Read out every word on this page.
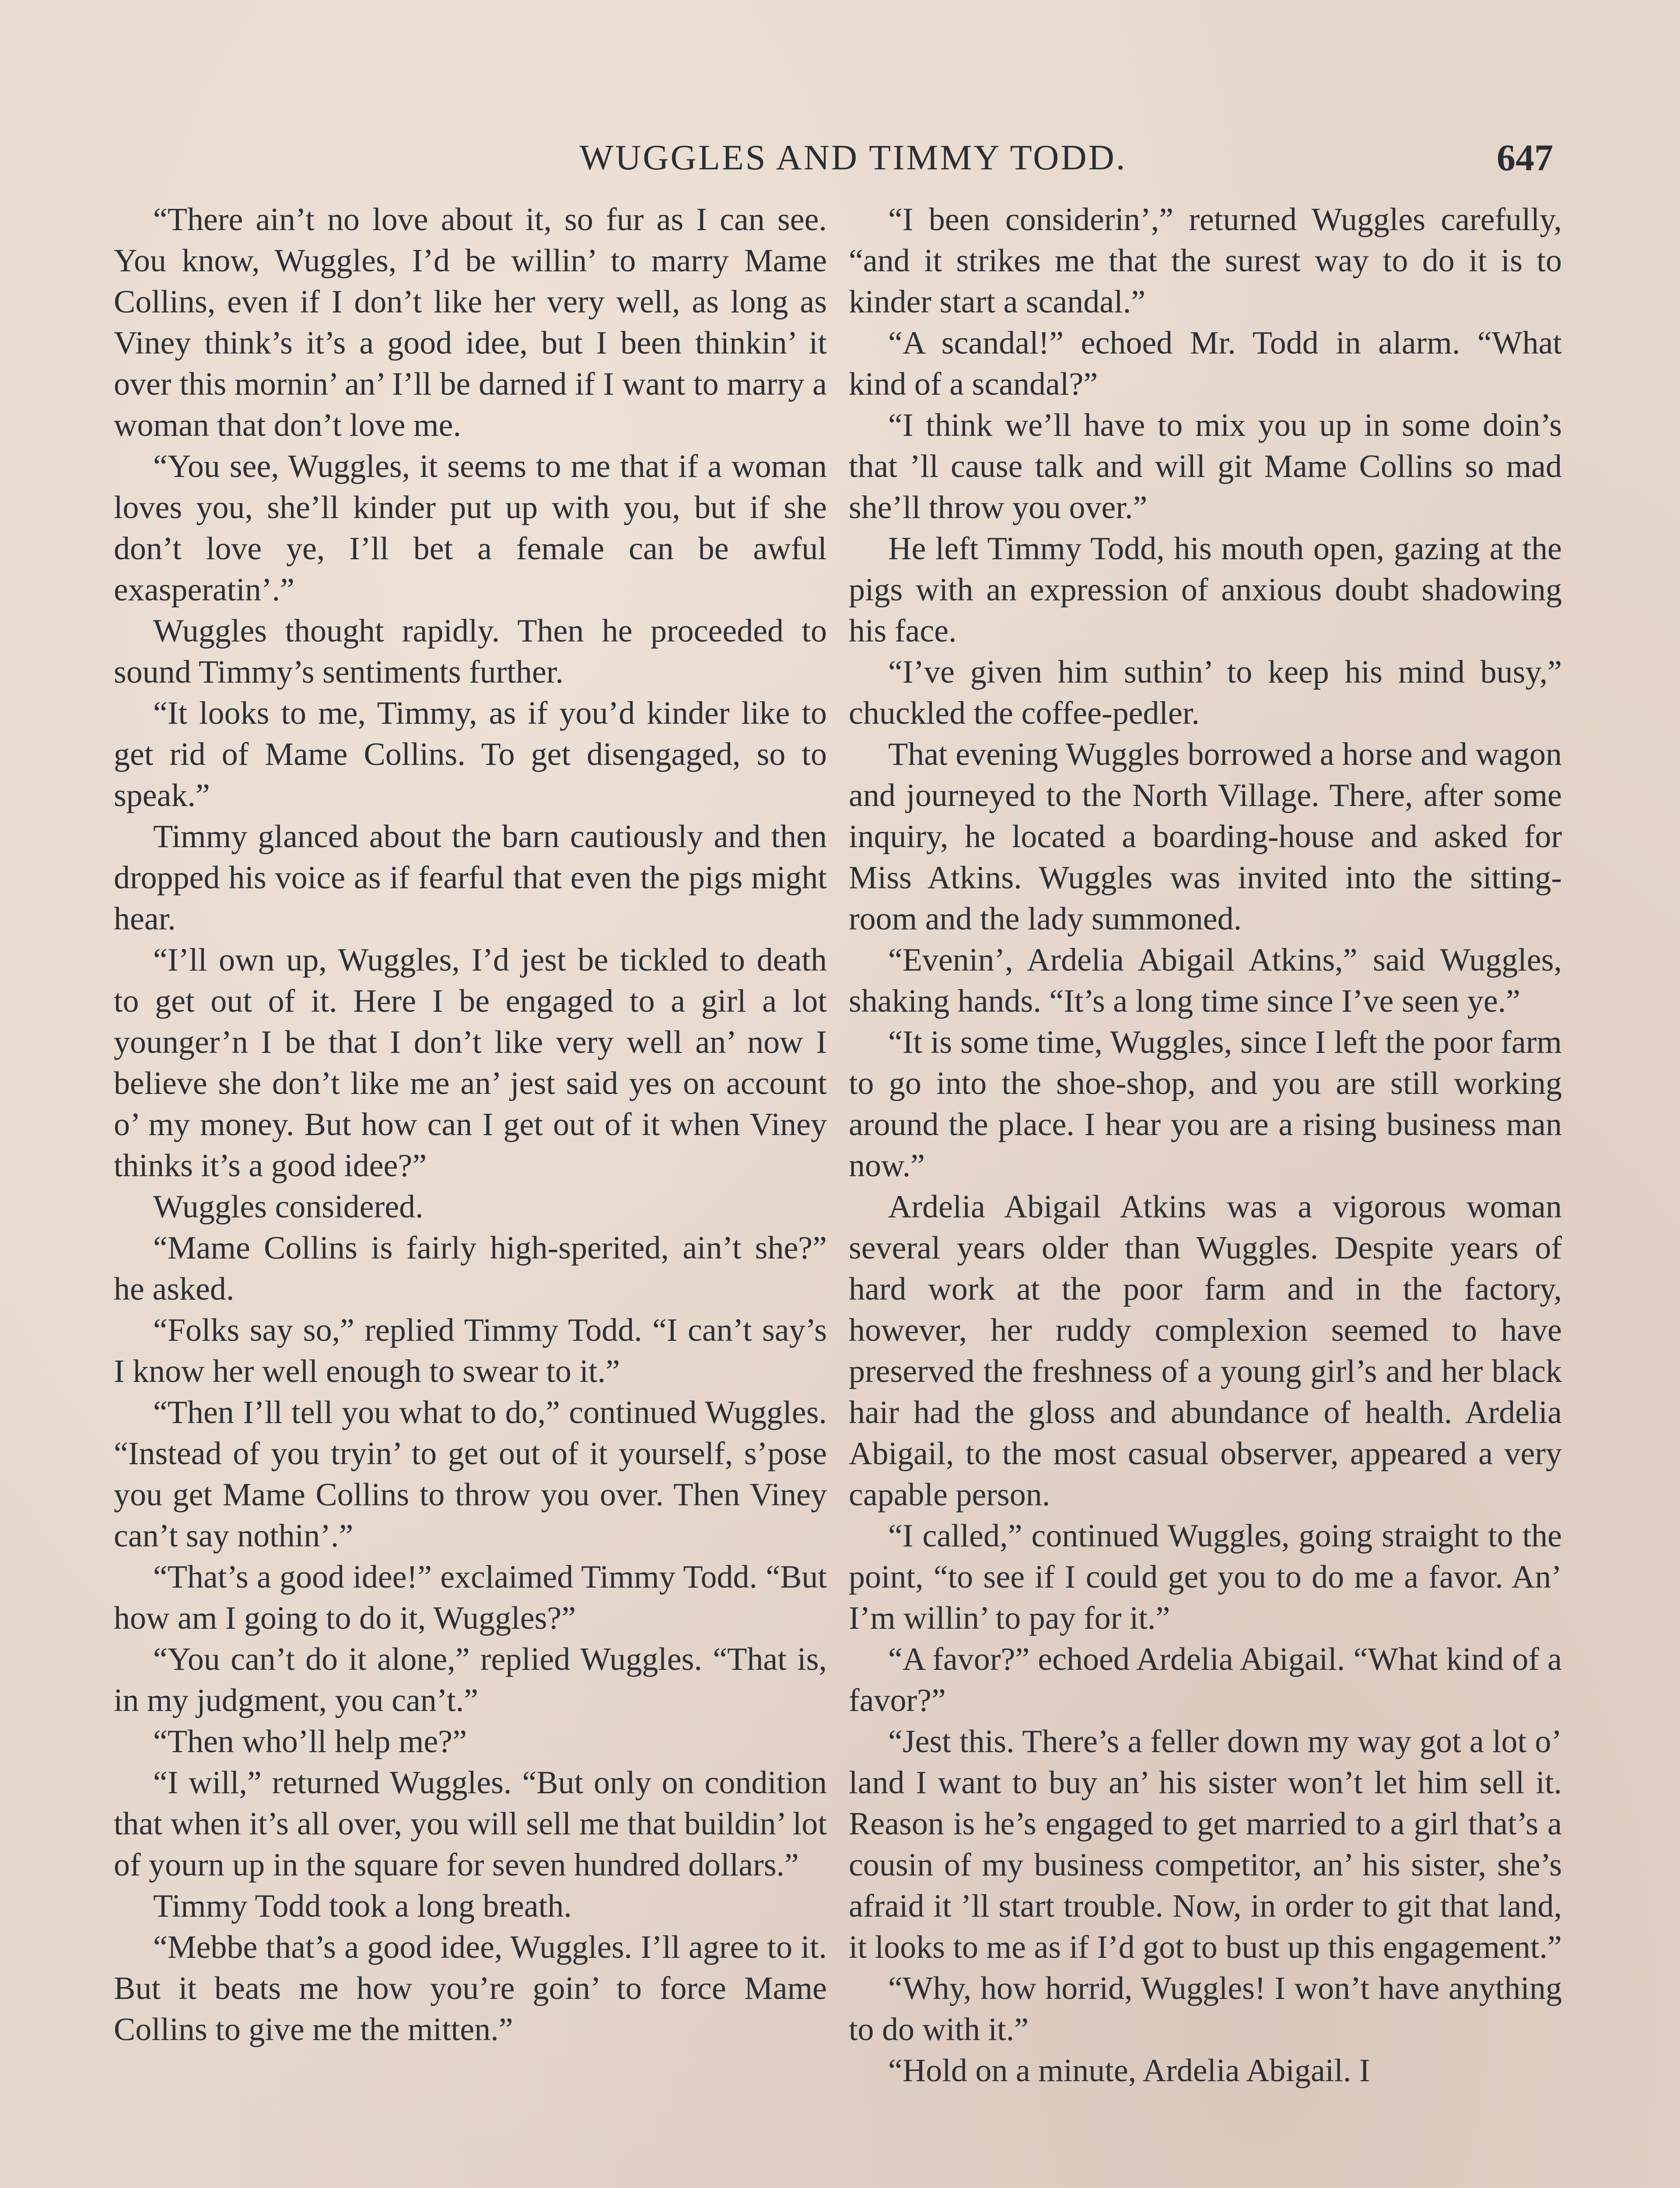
WUGGLES AND TIMMY TODD.	647

“There ain’t no love about it, so fur as I can see. You know, Wuggles, I’d be willin’ to marry Mame Collins, even if I don’t like her very well, as long as Viney think’s it’s a good idee, but I been thinkin’ it over this mornin’ an’ I’ll be darned if I want to marry a woman that don’t love me.

“You see, Wuggles, it seems to me that if a woman loves you, she’ll kinder put up with you, but if she don’t love ye, I’ll bet a female can be awful exasperatin’.”

Wuggles thought rapidly. Then he proceeded to sound Timmy’s sentiments further.

“It looks to me, Timmy, as if you’d kinder like to get rid of Mame Collins. To get disengaged, so to speak.”

Timmy glanced about the barn cautiously and then dropped his voice as if fearful that even the pigs might hear.

“I’ll own up, Wuggles, I’d jest be tickled to death to get out of it. Here I be engaged to a girl a lot younger’n I be that I don’t like very well an’ now I believe she don’t like me an’ jest said yes on account o’ my money. But how can I get out of it when Viney thinks it’s a good idee?”

Wuggles considered.

“Mame Collins is fairly high-sperited, ain’t she?” he asked.

“Folks say so,” replied Timmy Todd. “I can’t say’s I know her well enough to swear to it.”

“Then I’ll tell you what to do,” continued Wuggles. “Instead of you tryin’ to get out of it yourself, s’pose you get Mame Collins to throw you over. Then Viney can’t say nothin’.”

“That’s a good idee!” exclaimed Timmy Todd. “But how am I going to do it, Wuggles?”

“You can’t do it alone,” replied Wuggles. “That is, in my judgment, you can’t.”

“Then who’ll help me?”

“I will,” returned Wuggles. “But only on condition that when it’s all over, you will sell me that buildin’ lot of yourn up in the square for seven hundred dollars.”

Timmy Todd took a long breath.

“Mebbe that’s a good idee, Wuggles. I’ll agree to it. But it beats me how you’re goin’ to force Mame Collins to give me the mitten.”

“I been considerin’,” returned Wuggles carefully, “and it strikes me that the surest way to do it is to kinder start a scandal.”

“A scandal!” echoed Mr. Todd in alarm. “What kind of a scandal?”

“I think we’ll have to mix you up in some doin’s that ’ll cause talk and will git Mame Collins so mad she’ll throw you over.”

He left Timmy Todd, his mouth open, gazing at the pigs with an expression of anxious doubt shadowing his face.

“I’ve given him suthin’ to keep his mind busy,” chuckled the coffee-pedler.

That evening Wuggles borrowed a horse and wagon and journeyed to the North Village. There, after some inquiry, he located a boarding-house and asked for Miss Atkins. Wuggles was invited into the sitting-room and the lady summoned.

“Evenin’, Ardelia Abigail Atkins,” said Wuggles, shaking hands. “It’s a long time since I’ve seen ye.”

“It is some time, Wuggles, since I left the poor farm to go into the shoe-shop, and you are still working around the place. I hear you are a rising business man now.”

Ardelia Abigail Atkins was a vigorous woman several years older than Wuggles. Despite years of hard work at the poor farm and in the factory, however, her ruddy complexion seemed to have preserved the freshness of a young girl’s and her black hair had the gloss and abundance of health. Ardelia Abigail, to the most casual observer, appeared a very capable person.

“I called,” continued Wuggles, going straight to the point, “to see if I could get you to do me a favor. An’ I’m willin’ to pay for it.”

“A favor?” echoed Ardelia Abigail. “What kind of a favor?”

“Jest this. There’s a feller down my way got a lot o’ land I want to buy an’ his sister won’t let him sell it. Reason is he’s engaged to get married to a girl that’s a cousin of my business competitor, an’ his sister, she’s afraid it ’ll start trouble. Now, in order to git that land, it looks to me as if I’d got to bust up this engagement.”

“Why, how horrid, Wuggles! I won’t have anything to do with it.”

“Hold on a minute, Ardelia Abigail. I
